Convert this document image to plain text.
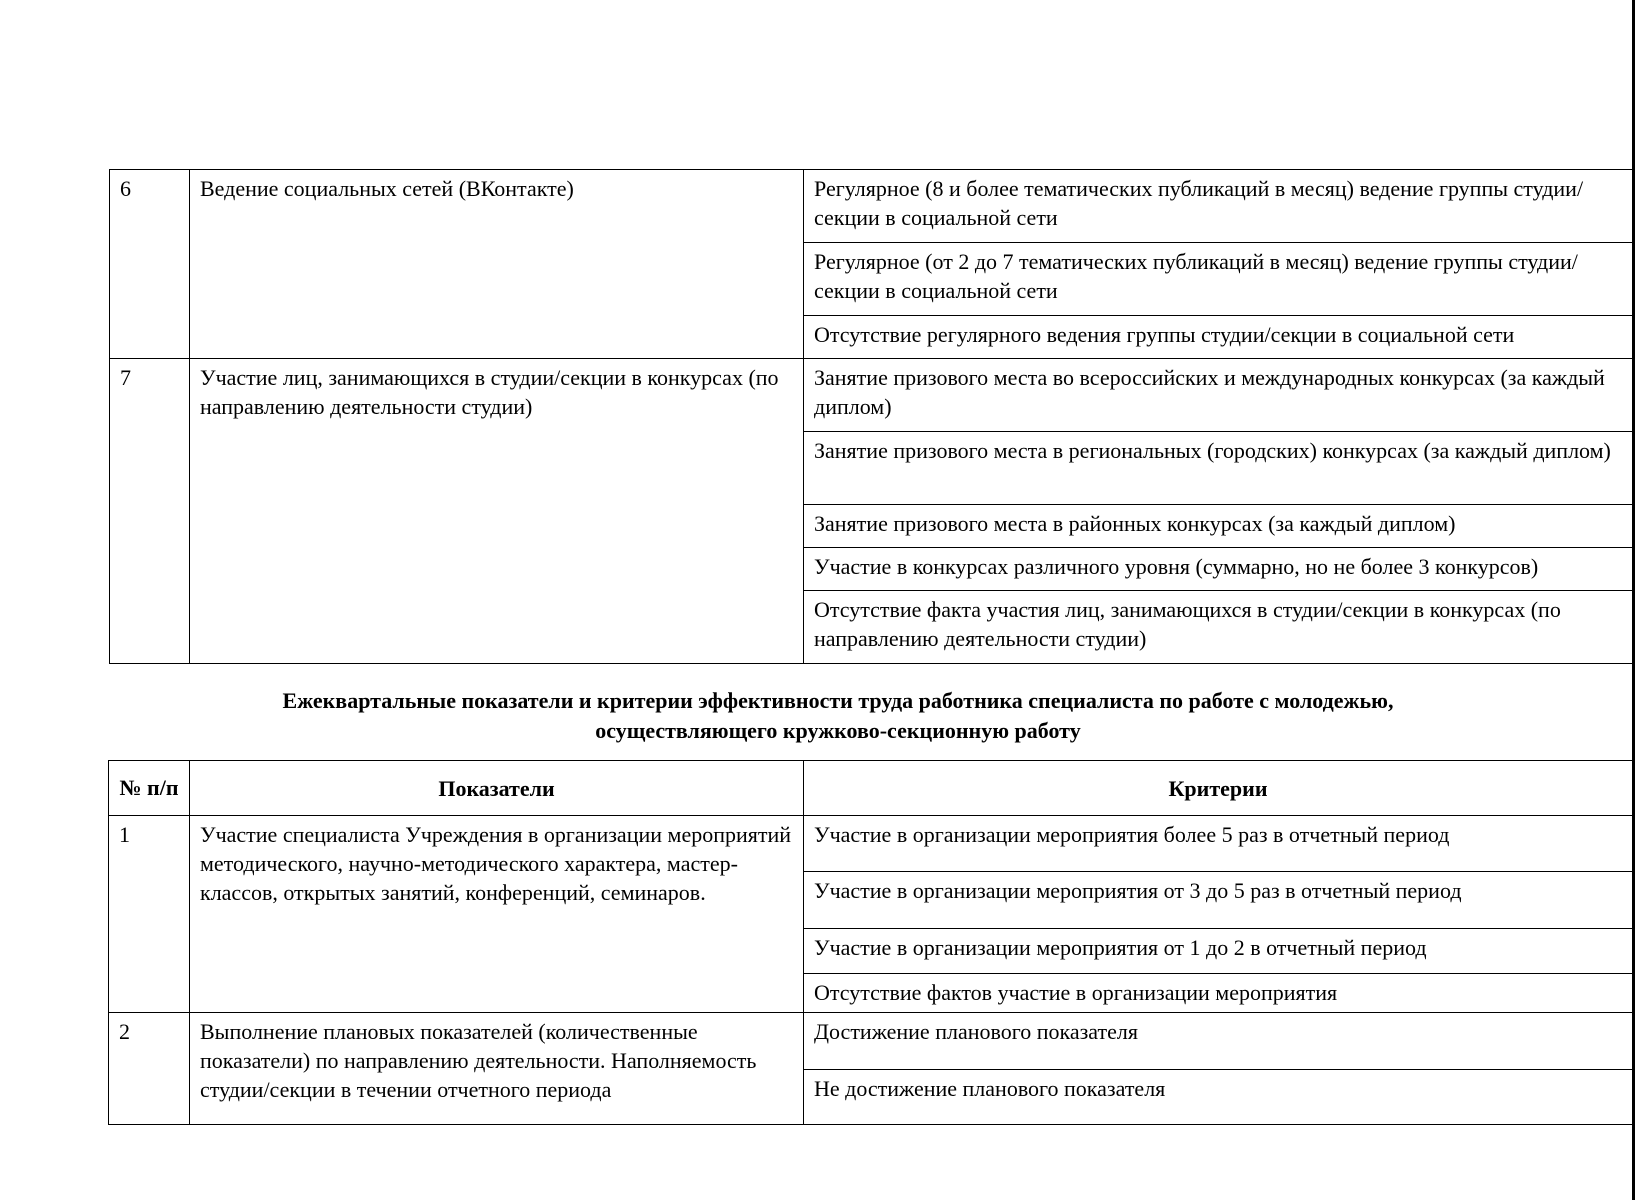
6	Ведение социальных сетей (ВКонтакте)	Регулярное (8 и более тематических публикаций в месяц) ведение группы студии/секции в социальной сети
		Регулярное (от 2 до 7 тематических публикаций в месяц) ведение группы студии/секции в социальной сети
		Отсутствие регулярного ведения группы студии/секции в социальной сети
7	Участие лиц, занимающихся в студии/секции в конкурсах (по направлению деятельности студии)	Занятие призового места во всероссийских и международных конкурсах (за каждый диплом)
		Занятие призового места в региональных (городских) конкурсах (за каждый диплом)
		Занятие призового места в районных конкурсах (за каждый диплом)
		Участие в конкурсах различного уровня (суммарно, но не более 3 конкурсов)
		Отсутствие факта участия лиц, занимающихся в студии/секции в конкурсах (по направлению деятельности студии)
Ежеквартальные показатели и критерии эффективности труда работника специалиста по работе с молодежью,
осуществляющего кружково-секционную работу
№ п/п	Показатели	Критерии
1	Участие специалиста Учреждения в организации мероприятий методического, научно-методического характера, мастер-классов, открытых занятий, конференций, семинаров.	Участие в организации мероприятия более 5 раз в отчетный период
		Участие в организации мероприятия от 3 до 5 раз в отчетный период
		Участие в организации мероприятия от 1 до 2 в отчетный период
		Отсутствие фактов участие в организации мероприятия
2	Выполнение плановых показателей (количественные показатели) по направлению деятельности. Наполняемость студии/секции в течении отчетного периода	Достижение планового показателя
		Не достижение планового показателя
